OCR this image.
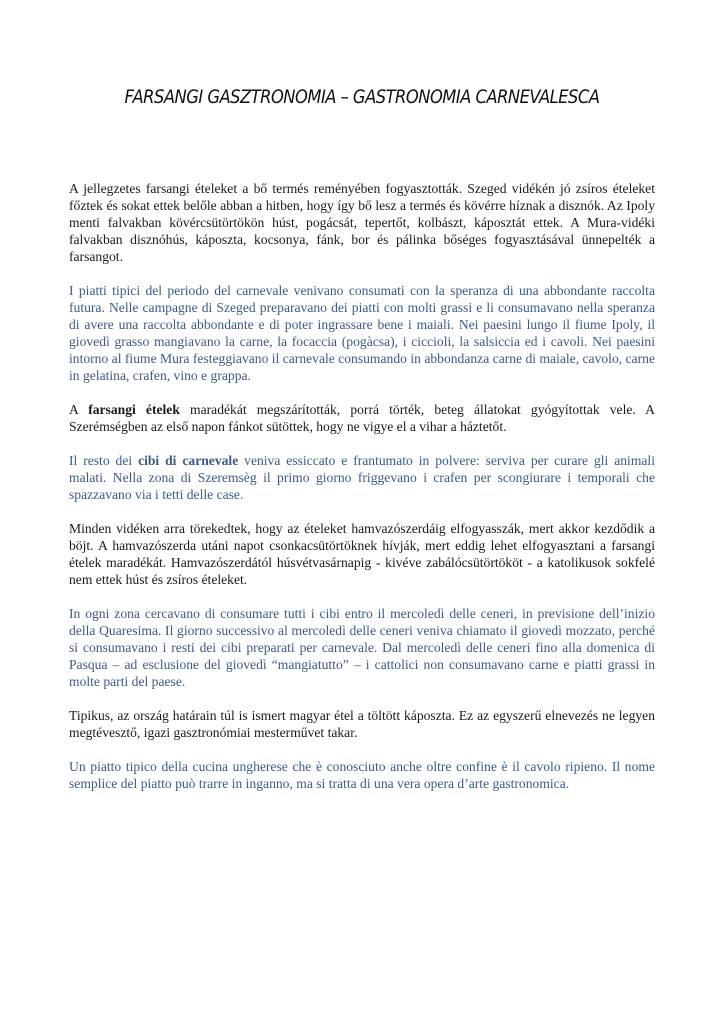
FARSANGI GASZTRONOMIA – GASTRONOMIA CARNEVALESCA

A jellegzetes farsangi ételeket a bő termés reményében fogyasztották. Szeged vidékén jó zsíros ételeket főztek és sokat ettek belőle abban a hitben, hogy így bő lesz a termés és kövérre híznak a disznók. Az Ipoly menti falvakban kövércsütörtökön húst, pogácsát, tepertőt, kolbászt, káposztát ettek. A Mura-vidéki falvakban disznóhús, káposzta, kocsonya, fánk, bor és pálinka bőséges fogyasztásával ünnepelték a farsangot.

I piatti tipici del periodo del carnevale venivano consumati con la speranza di una abbondante raccolta futura. Nelle campagne di Szeged preparavano dei piatti con molti grassi e li consumavano nella speranza di avere una raccolta abbondante e di poter ingrassare bene i maiali. Nei paesini lungo il fiume Ipoly, il giovedì grasso mangiavano la carne, la focaccia (pogàcsa), i ciccioli, la salsiccia ed i cavoli. Nei paesini intorno al fiume Mura festeggiavano il carnevale consumando in abbondanza carne di maiale, cavolo, carne in gelatina, crafen, vino e grappa.

A farsangi ételek maradékát megszárították, porrá törték, beteg állatokat gyógyítottak vele. A Szerémségben az első napon fánkot sütöttek, hogy ne vigye el a vihar a háztetőt.

Il resto dei cibi di carnevale veniva essiccato e frantumato in polvere: serviva per curare gli animali malati. Nella zona di Szeremsèg il primo giorno friggevano i crafen per scongiurare i temporali che spazzavano via i tetti delle case.

Minden vidéken arra törekedtek, hogy az ételeket hamvazószerdáig elfogyasszák, mert akkor kezdődik a böjt. A hamvazószerda utáni napot csonkacsütörtöknek hívják, mert eddig lehet elfogyasztani a farsangi ételek maradékát. Hamvazószerdától húsvétvasárnapig - kivéve zabálócsütörtököt - a katolikusok sokfelé nem ettek húst és zsíros ételeket.

In ogni zona cercavano di consumare tutti i cibi entro il mercoledì delle ceneri, in previsione dell’inizio della Quaresima. Il giorno successivo al mercoledì delle ceneri veniva chiamato il giovedì mozzato, perché si consumavano i resti dei cibi preparati per carnevale. Dal mercoledì delle ceneri fino alla domenica di Pasqua – ad esclusione del giovedì “mangiatutto” – i cattolici non consumavano carne e piatti grassi in molte parti del paese.

Tipikus, az ország határain túl is ismert magyar étel a töltött káposzta. Ez az egyszerű elnevezés ne legyen megtévesztő, igazi gasztronómiai mesterművet takar.

Un piatto tipico della cucina ungherese che è conosciuto anche oltre confine è il cavolo ripieno. Il nome semplice del piatto può trarre in inganno, ma si tratta di una vera opera d’arte gastronomica.
